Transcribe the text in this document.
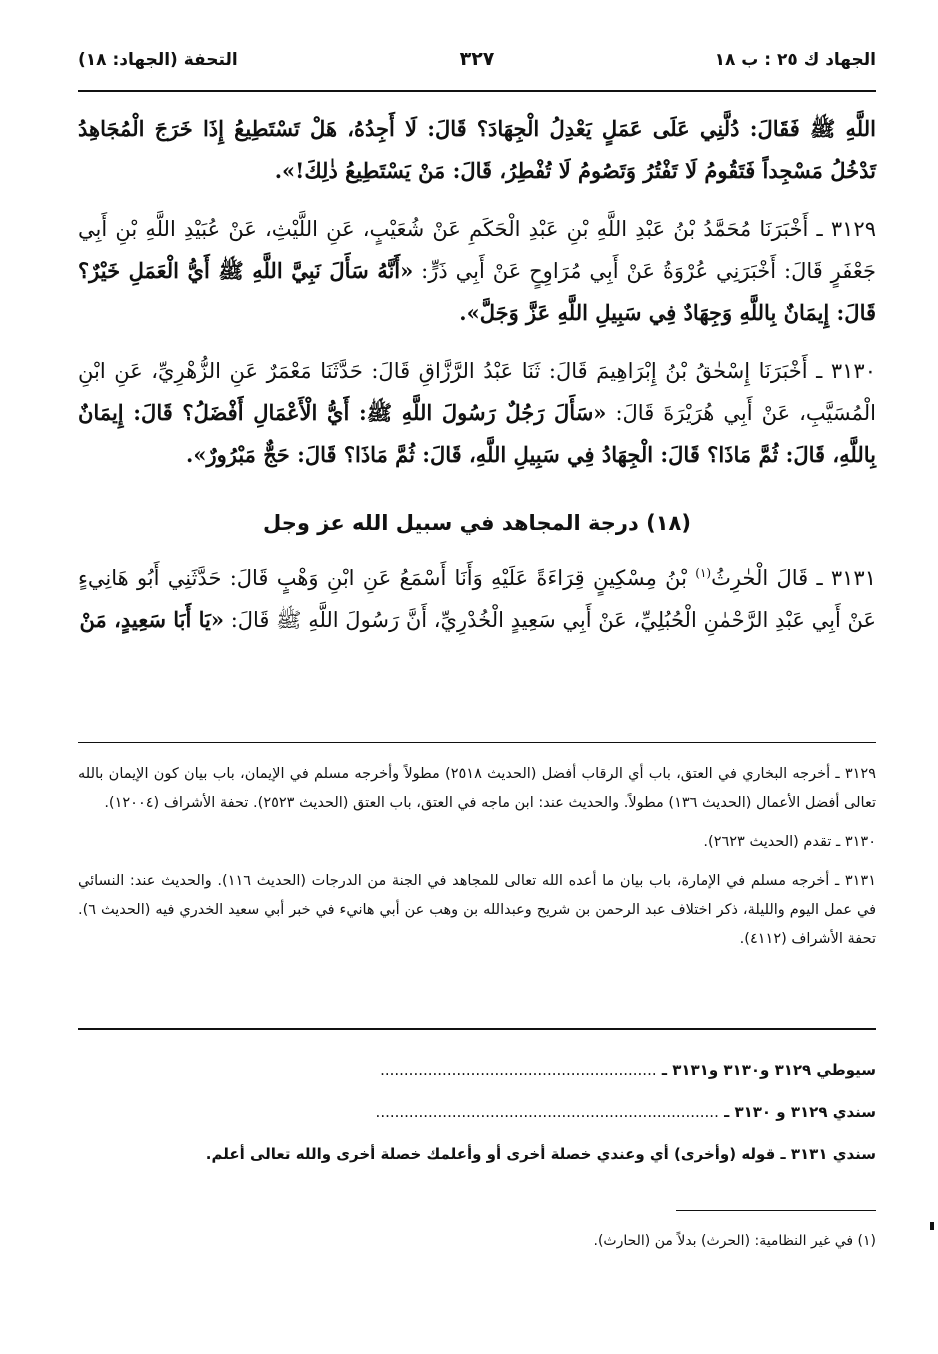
الجهاد ك ٢٥ : ب ١٨
٣٢٧
التحفة (الجهاد: ١٨)

اللَّهِ ﷺ فَقَالَ: دُلَّنِي عَلَى عَمَلٍ يَعْدِلُ الْجِهَادَ؟ قَالَ: لَا أَجِدُهُ، هَلْ تَسْتَطِيعُ إِذَا خَرَجَ الْمُجَاهِدُ تَدْخُلُ مَسْجِداً فَتَقُومُ لَا تَفْتُرُ وَتَصُومُ لَا تُفْطِرُ، قَالَ: مَنْ يَسْتَطِيعُ ذٰلِكَ!».

٣١٢٩ ـ أَخْبَرَنَا مُحَمَّدُ بْنُ عَبْدِ اللَّهِ بْنِ عَبْدِ الْحَكَمِ عَنْ شُعَيْبٍ، عَنِ اللَّيْثِ، عَنْ عُبَيْدِ اللَّهِ بْنِ أَبِي جَعْفَرٍ قَالَ: أَخْبَرَنِي عُرْوَةُ عَنْ أَبِي مُرَاوِحٍ عَنْ أَبِي ذَرٍّ: «أَنَّهُ سَأَلَ نَبِيَّ اللَّهِ ﷺ أَيُّ الْعَمَلِ خَيْرٌ؟ قَالَ: إِيمَانٌ بِاللَّهِ وَجِهَادٌ فِي سَبِيلِ اللَّهِ عَزَّ وَجَلَّ».

٣١٣٠ ـ أَخْبَرَنَا إِسْحٰقُ بْنُ إِبْرَاهِيمَ قَالَ: ثَنَا عَبْدُ الرَّزَّاقِ قَالَ: حَدَّثَنَا مَعْمَرٌ عَنِ الزُّهْرِيِّ، عَنِ ابْنِ الْمُسَيَّبِ، عَنْ أَبِي هُرَيْرَةَ قَالَ: «سَأَلَ رَجُلٌ رَسُولَ اللَّهِ ﷺ: أَيُّ الْأَعْمَالِ أَفْضَلُ؟ قَالَ: إِيمَانٌ بِاللَّهِ، قَالَ: ثُمَّ مَاذَا؟ قَالَ: الْجِهَادُ فِي سَبِيلِ اللَّهِ، قَالَ: ثُمَّ مَاذَا؟ قَالَ: حَجٌّ مَبْرُورٌ».

(١٨) درجة المجاهد في سبيل الله عز وجل

٣١٣١ ـ قَالَ الْحٰرِثُ$^{(١)}$ بْنُ مِسْكِينٍ قِرَاءَةً عَلَيْهِ وَأَنَا أَسْمَعُ عَنِ ابْنِ وَهْبٍ قَالَ: حَدَّثَنِي أَبُو هَانِيءٍ عَنْ أَبِي عَبْدِ الرَّحْمٰنِ الْحُبُلِيِّ، عَنْ أَبِي سَعِيدٍ الْخُدْرِيِّ، أَنَّ رَسُولَ اللَّهِ ﷺ قَالَ: «يَا أَبَا سَعِيدٍ، مَنْ

٣١٢٩ ـ أخرجه البخاري في العتق، باب أي الرقاب أفضل (الحديث ٢٥١٨) مطولاً وأخرجه مسلم في الإيمان، باب بيان كون الإيمان بالله تعالى أفضل الأعمال (الحديث ١٣٦) مطولاً. والحديث عند: ابن ماجه في العتق، باب العتق (الحديث ٢٥٢٣). تحفة الأشراف (١٢٠٠٤).

٣١٣٠ ـ تقدم (الحديث ٢٦٢٣).

٣١٣١ ـ أخرجه مسلم في الإمارة، باب بيان ما أعده الله تعالى للمجاهد في الجنة من الدرجات (الحديث ١١٦). والحديث عند: النسائي في عمل اليوم والليلة، ذكر اختلاف عبد الرحمن بن شريح وعبدالله بن وهب عن أبي هانيء في خبر أبي سعيد الخدري فيه (الحديث ٦). تحفة الأشراف (٤١١٢).

سيوطي ٣١٢٩ و٣١٣٠ و٣١٣١ ـ ..........................................................

سندي ٣١٢٩ و ٣١٣٠ ـ ........................................................................

سندي ٣١٣١ ـ قوله (وأخرى) أي وعندي خصلة أخرى أو وأعلمك خصلة أخرى والله تعالى أعلم.

(١) في غير النظامية: (الحرث) بدلاً من (الحارث).
